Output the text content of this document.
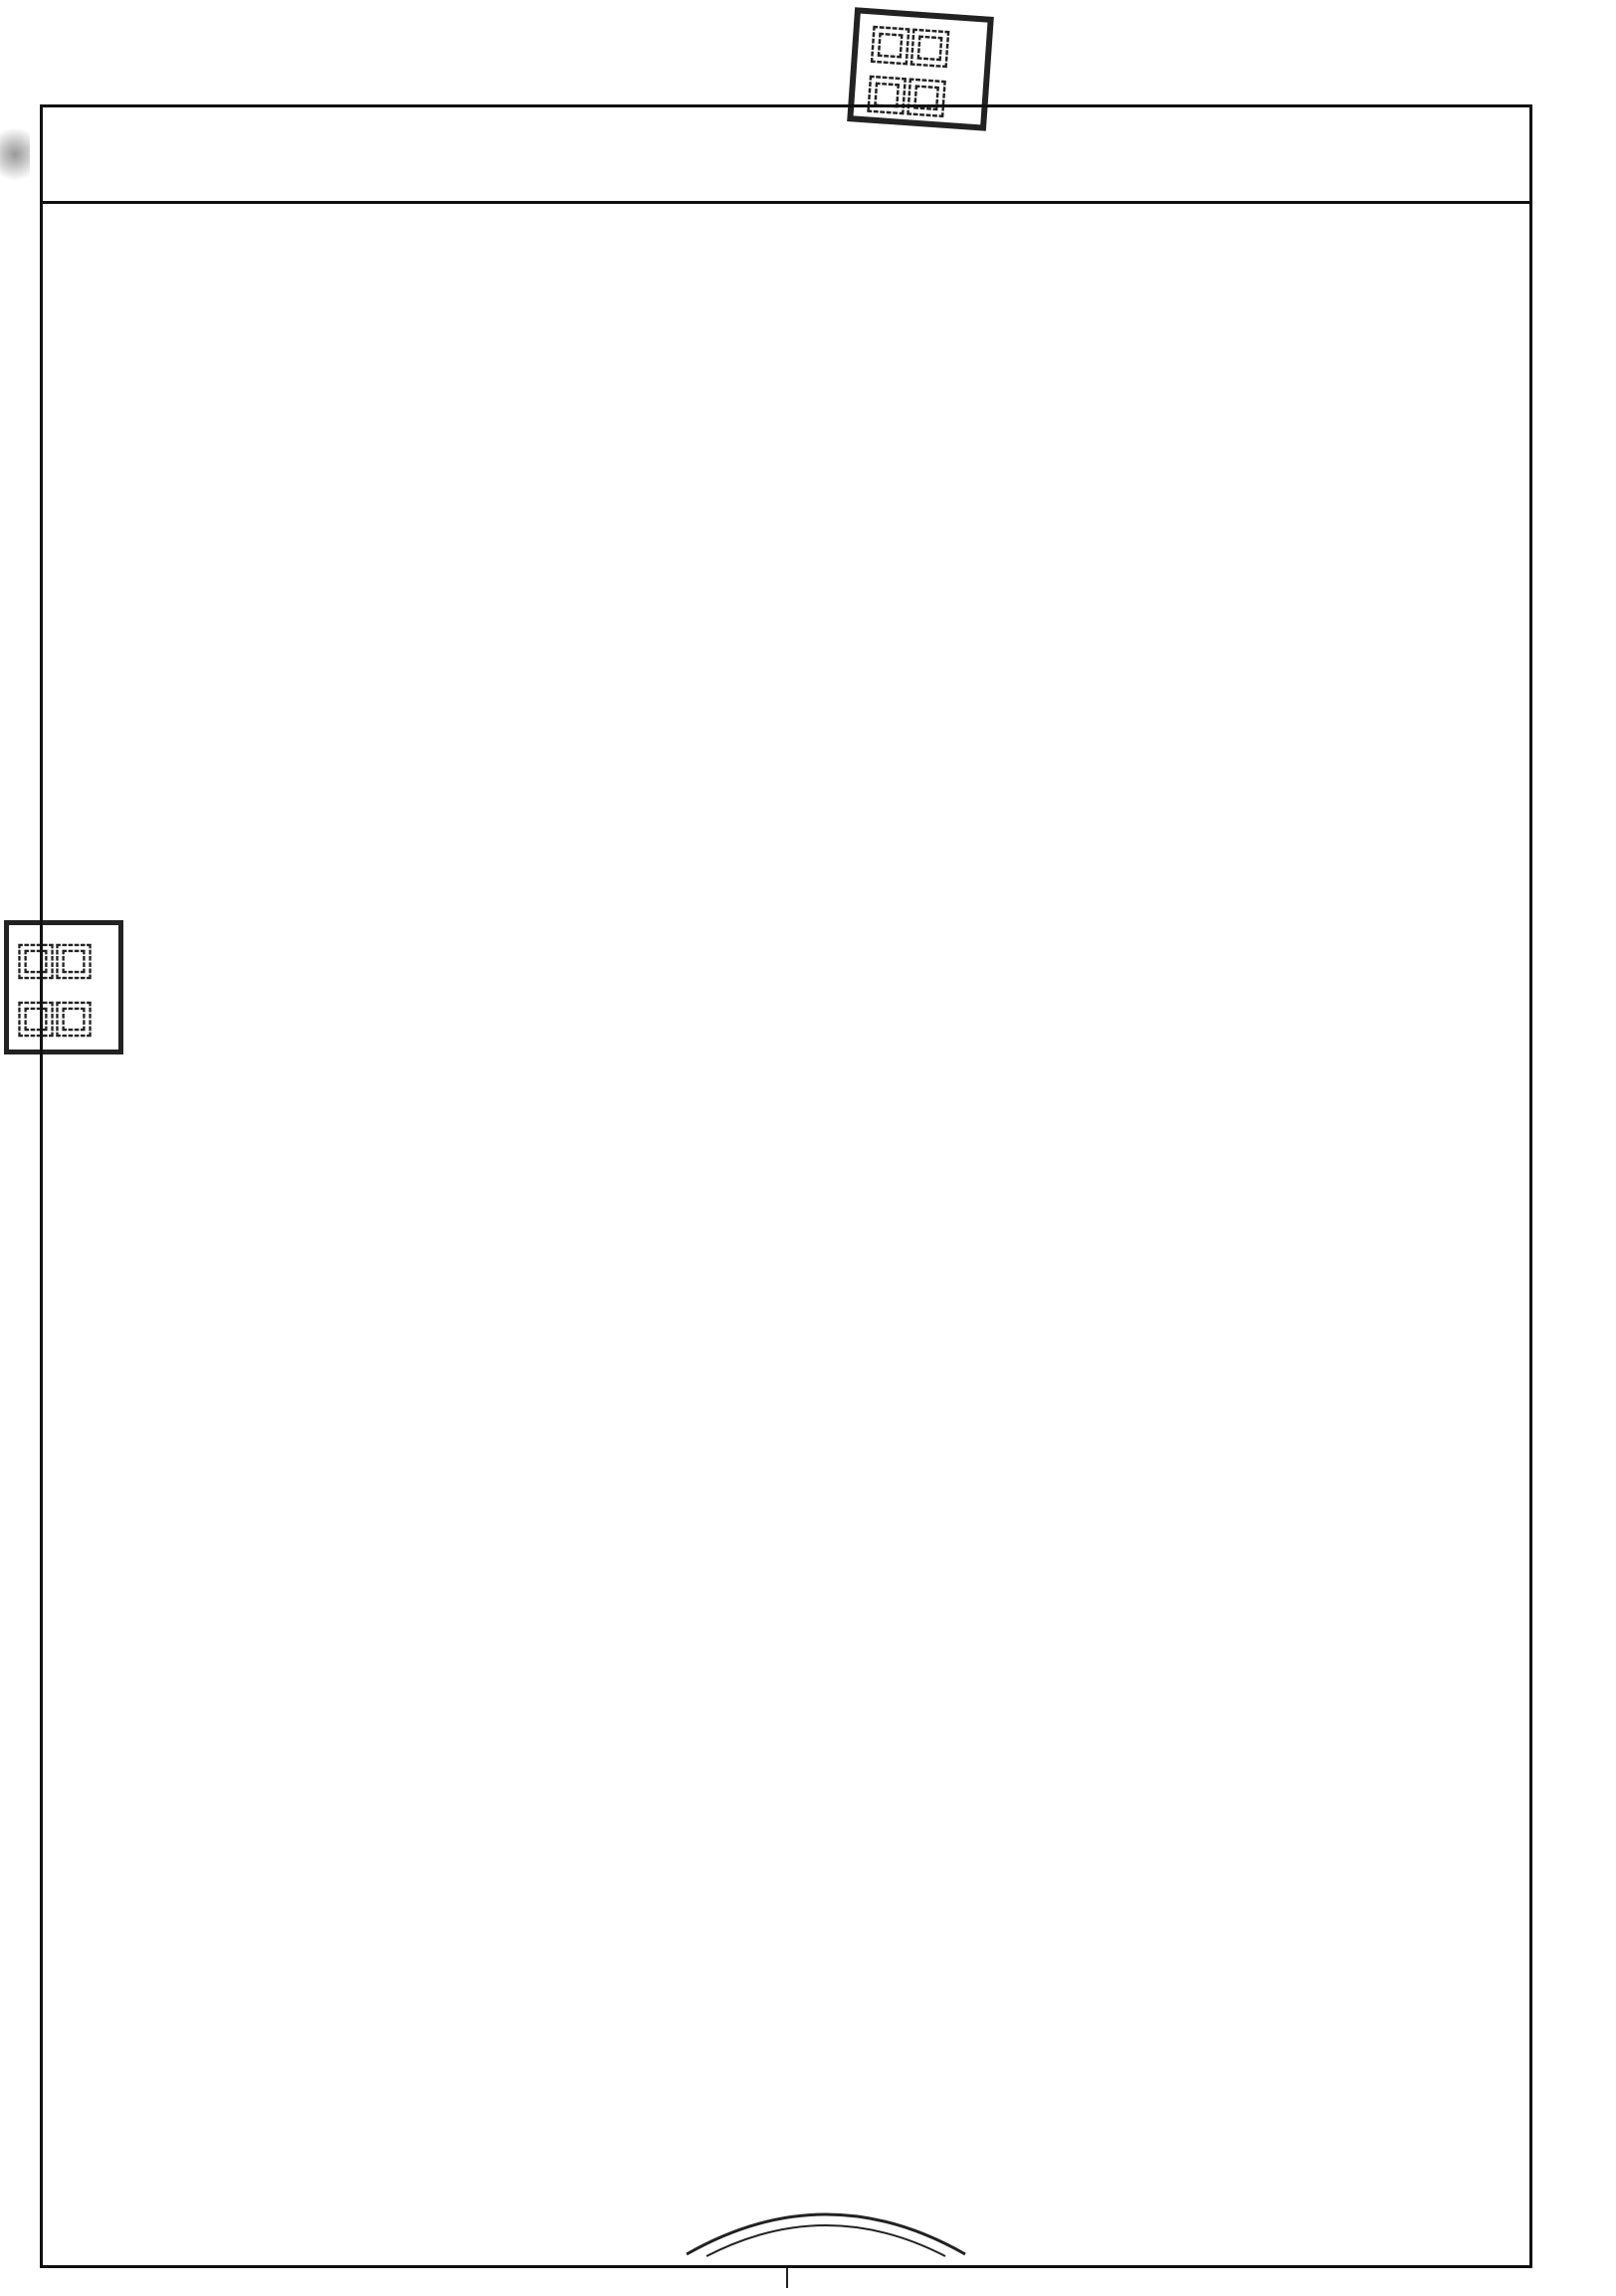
⿴⿴
⿴⿴
⿴⿴
⿴⿴
